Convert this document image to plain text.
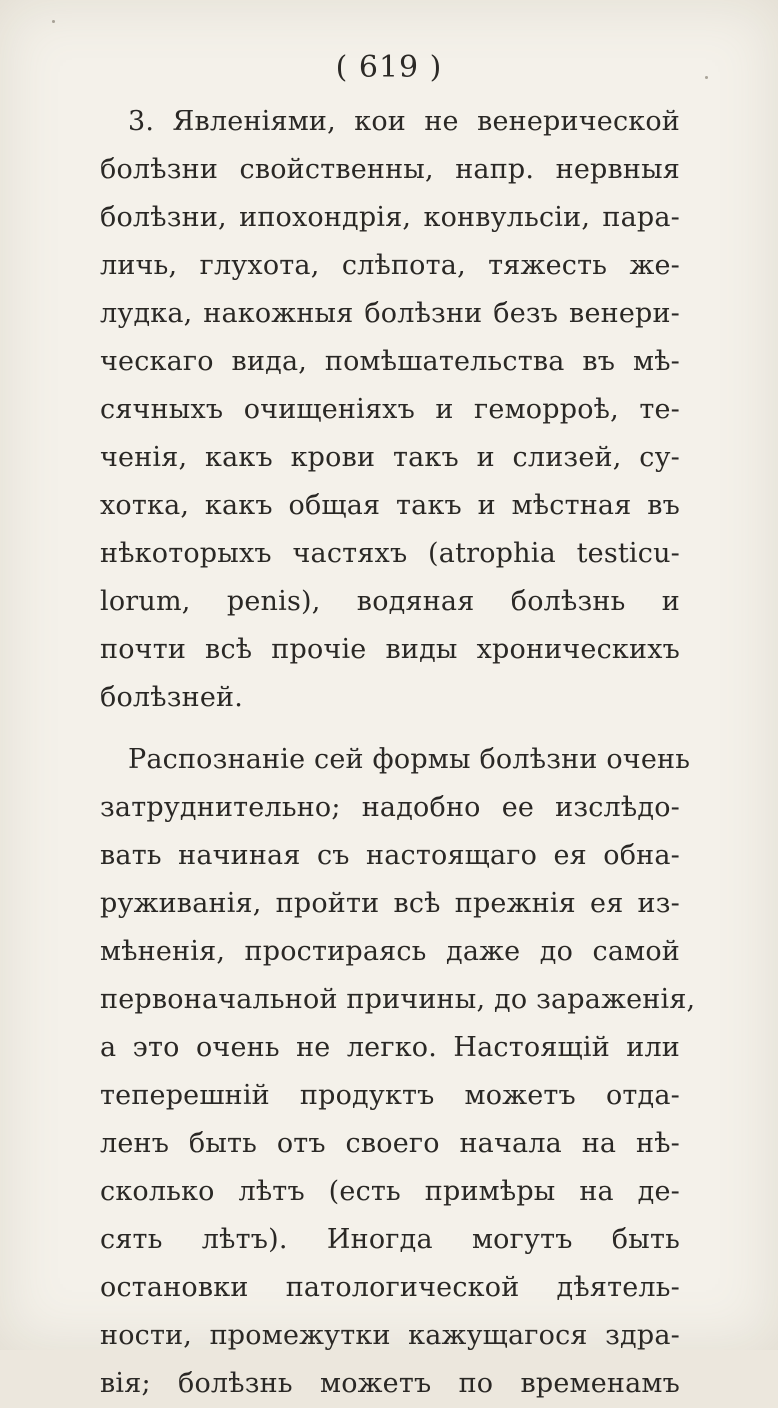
( 619 )
3. Явленіями, кои не венерической
болѣзни свойственны, напр. нервныя
болѣзни, ипохондрія, конвульсіи, пара-
личь, глухота, слѣпота, тяжесть же-
лудка, накожныя болѣзни безъ венери-
ческаго вида, помѣшательства въ мѣ-
сячныхъ очищеніяхъ и геморроѣ, те-
ченія, какъ крови такъ и слизей, су-
хотка, какъ общая такъ и мѣстная въ
нѣкоторыхъ частяхъ (atrophia testicu-
lorum, penis), водяная болѣзнь и
почти всѣ прочіе виды хроническихъ
болѣзней.
Распознаніе сей формы болѣзни очень
затруднительно; надобно ее изслѣдо-
вать начиная съ настоящаго ея обна-
руживанія, пройти всѣ прежнія ея из-
мѣненія, простираясь даже до самой
первоначальной причины, до зараженія,
а это очень не легко. Настоящій или
теперешній продуктъ можетъ отда-
ленъ быть отъ своего начала на нѣ-
сколько лѣтъ (есть примѣры на де-
сять лѣтъ). Иногда могутъ быть
остановки патологической дѣятель-
ности, промежутки кажущагося здра-
вія; болѣзнь можетъ по временамъ
